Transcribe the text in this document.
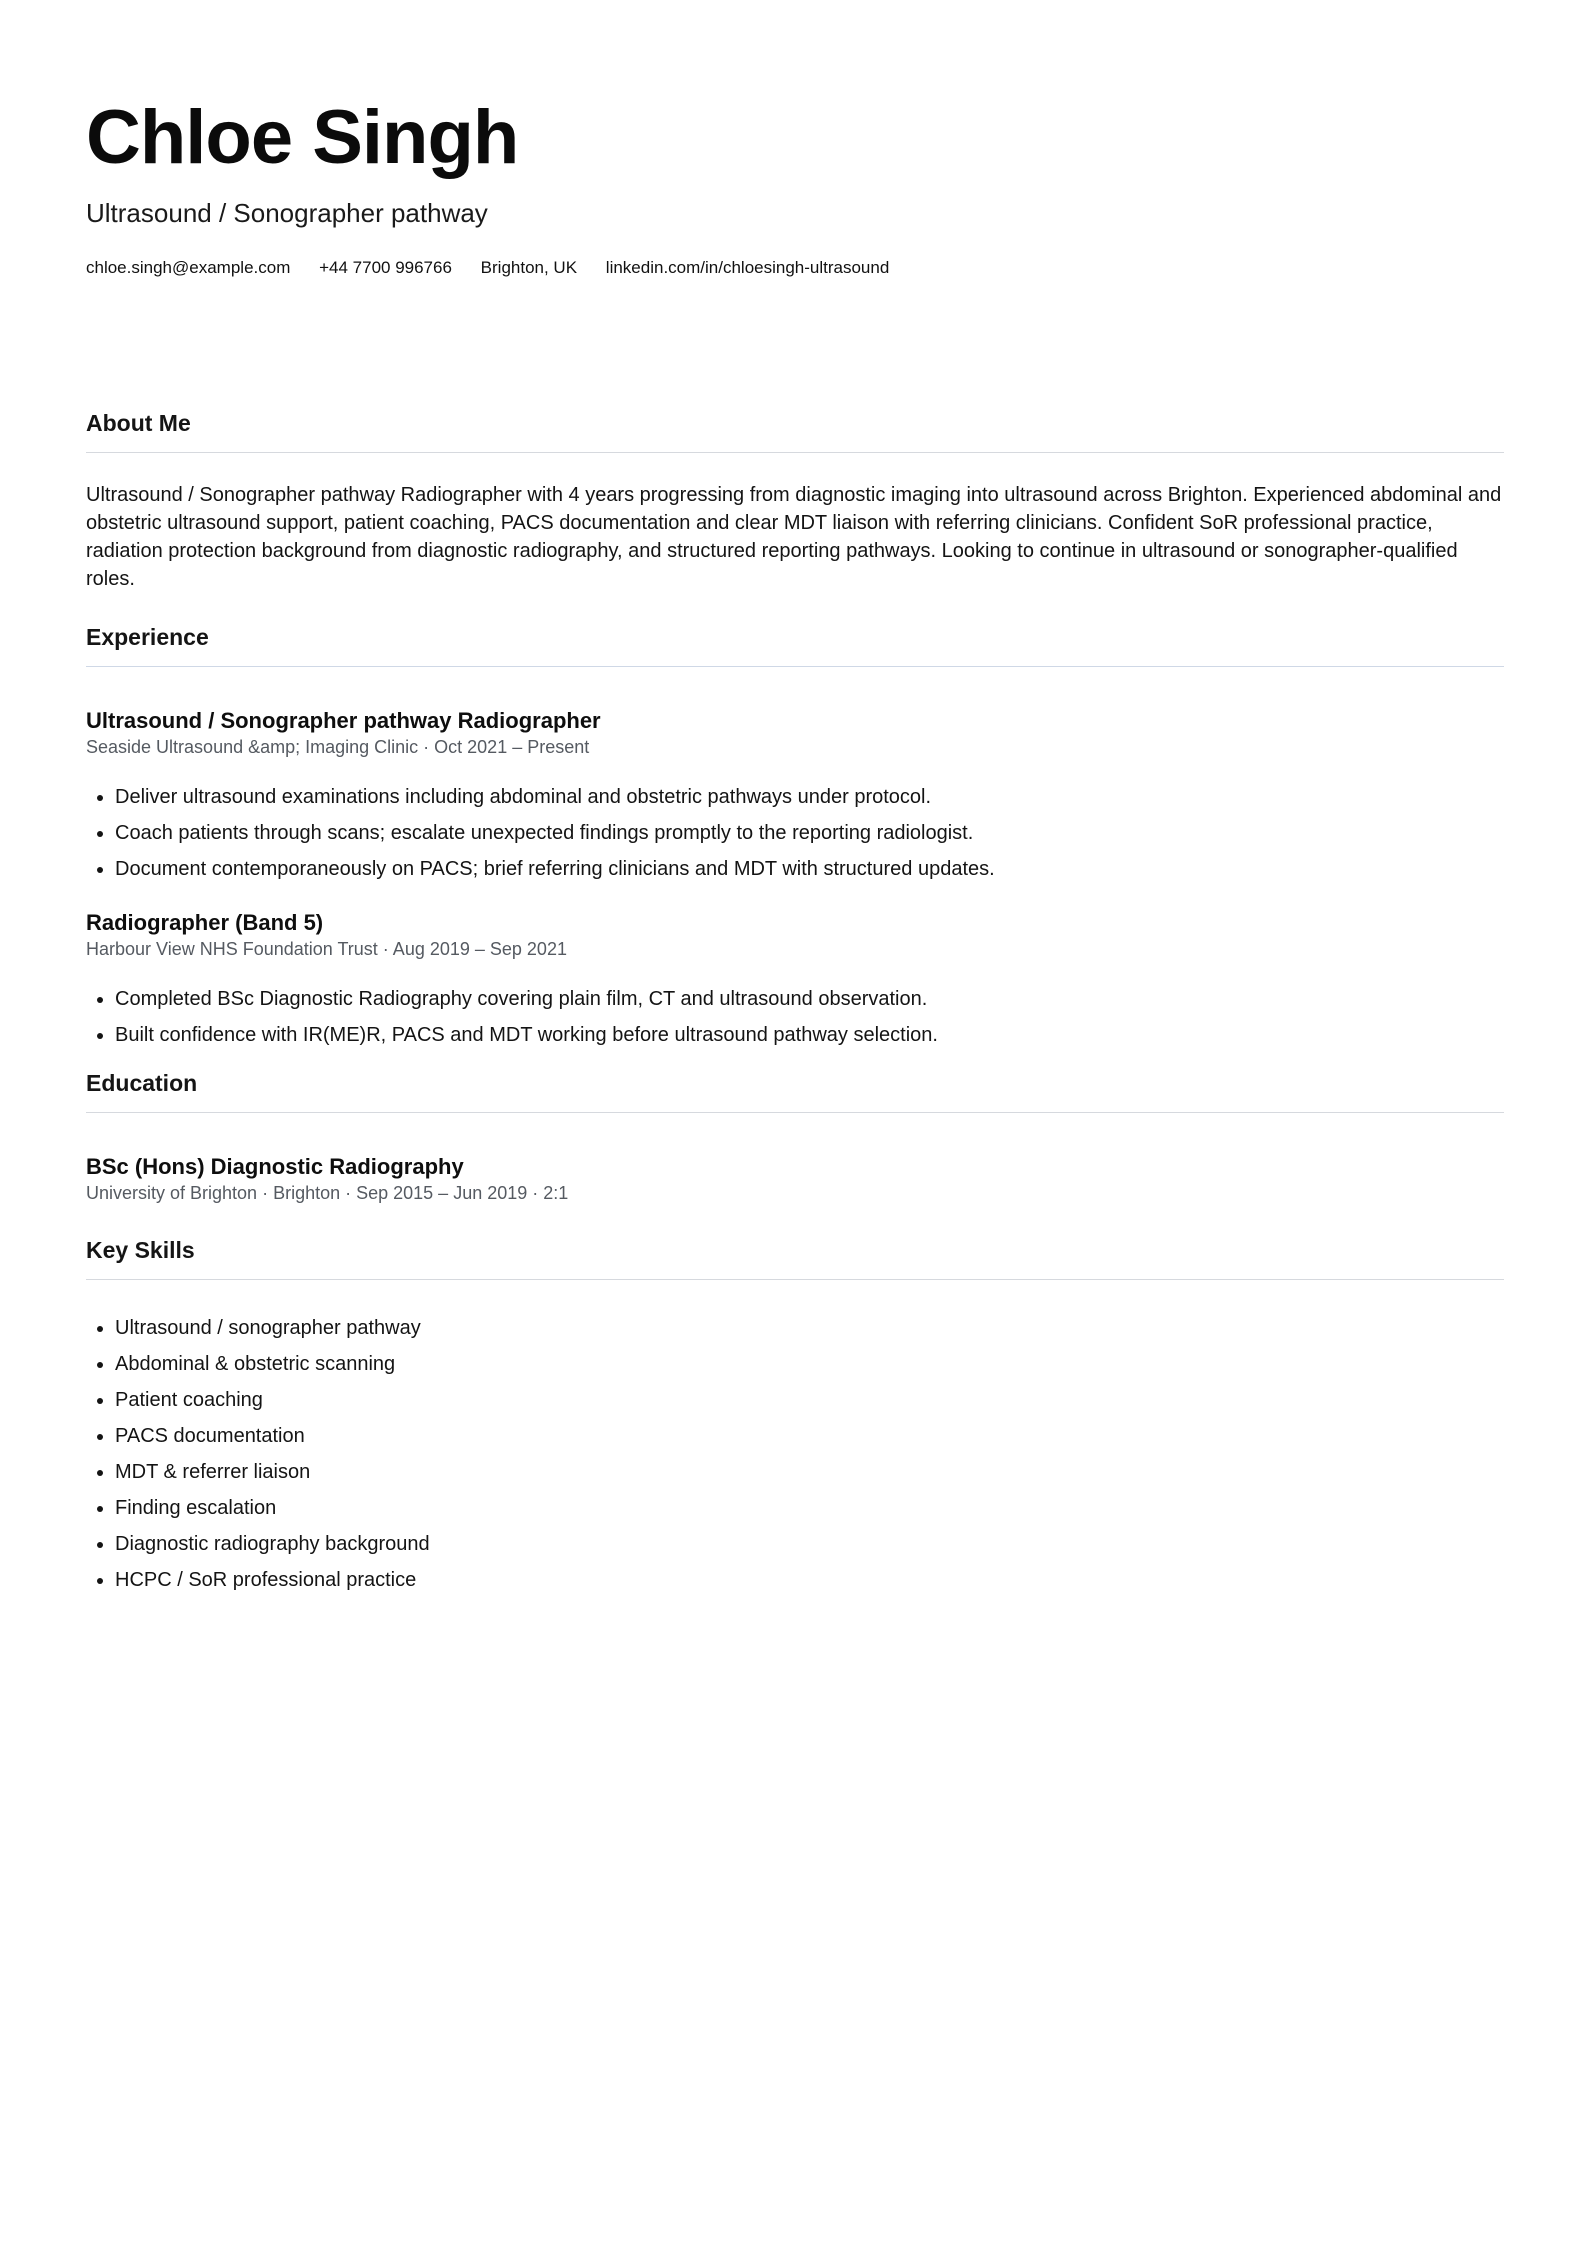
Chloe Singh
Ultrasound / Sonographer pathway
chloe.singh@example.com +44 7700 996766 Brighton, UK linkedin.com/in/chloesingh-ultrasound
About Me

Ultrasound / Sonographer pathway Radiographer with 4 years progressing from diagnostic imaging into ultrasound across Brighton. Experienced abdominal and obstetric ultrasound support, patient coaching, PACS documentation and clear MDT liaison with referring clinicians. Confident SoR professional practice, radiation protection background from diagnostic radiography, and structured reporting pathways. Looking to continue in ultrasound or sonographer-qualified roles.

Experience

Ultrasound / Sonographer pathway Radiographer

Seaside Ultrasound &amp; Imaging Clinic · Oct 2021 – Present

• Deliver ultrasound examinations including abdominal and obstetric pathways under protocol.
• Coach patients through scans; escalate unexpected findings promptly to the reporting radiologist.
• Document contemporaneously on PACS; brief referring clinicians and MDT with structured updates.

Radiographer (Band 5)

Harbour View NHS Foundation Trust · Aug 2019 – Sep 2021

• Completed BSc Diagnostic Radiography covering plain film, CT and ultrasound observation.
• Built confidence with IR(ME)R, PACS and MDT working before ultrasound pathway selection.
Education

BSc (Hons) Diagnostic Radiography

University of Brighton · Brighton · Sep 2015 – Jun 2019 · 2:1

Key Skills
• Ultrasound / sonographer pathway
• Abdominal & obstetric scanning
• Patient coaching
• PACS documentation
• MDT & referrer liaison
• Finding escalation
• Diagnostic radiography background
• HCPC / SoR professional practice
